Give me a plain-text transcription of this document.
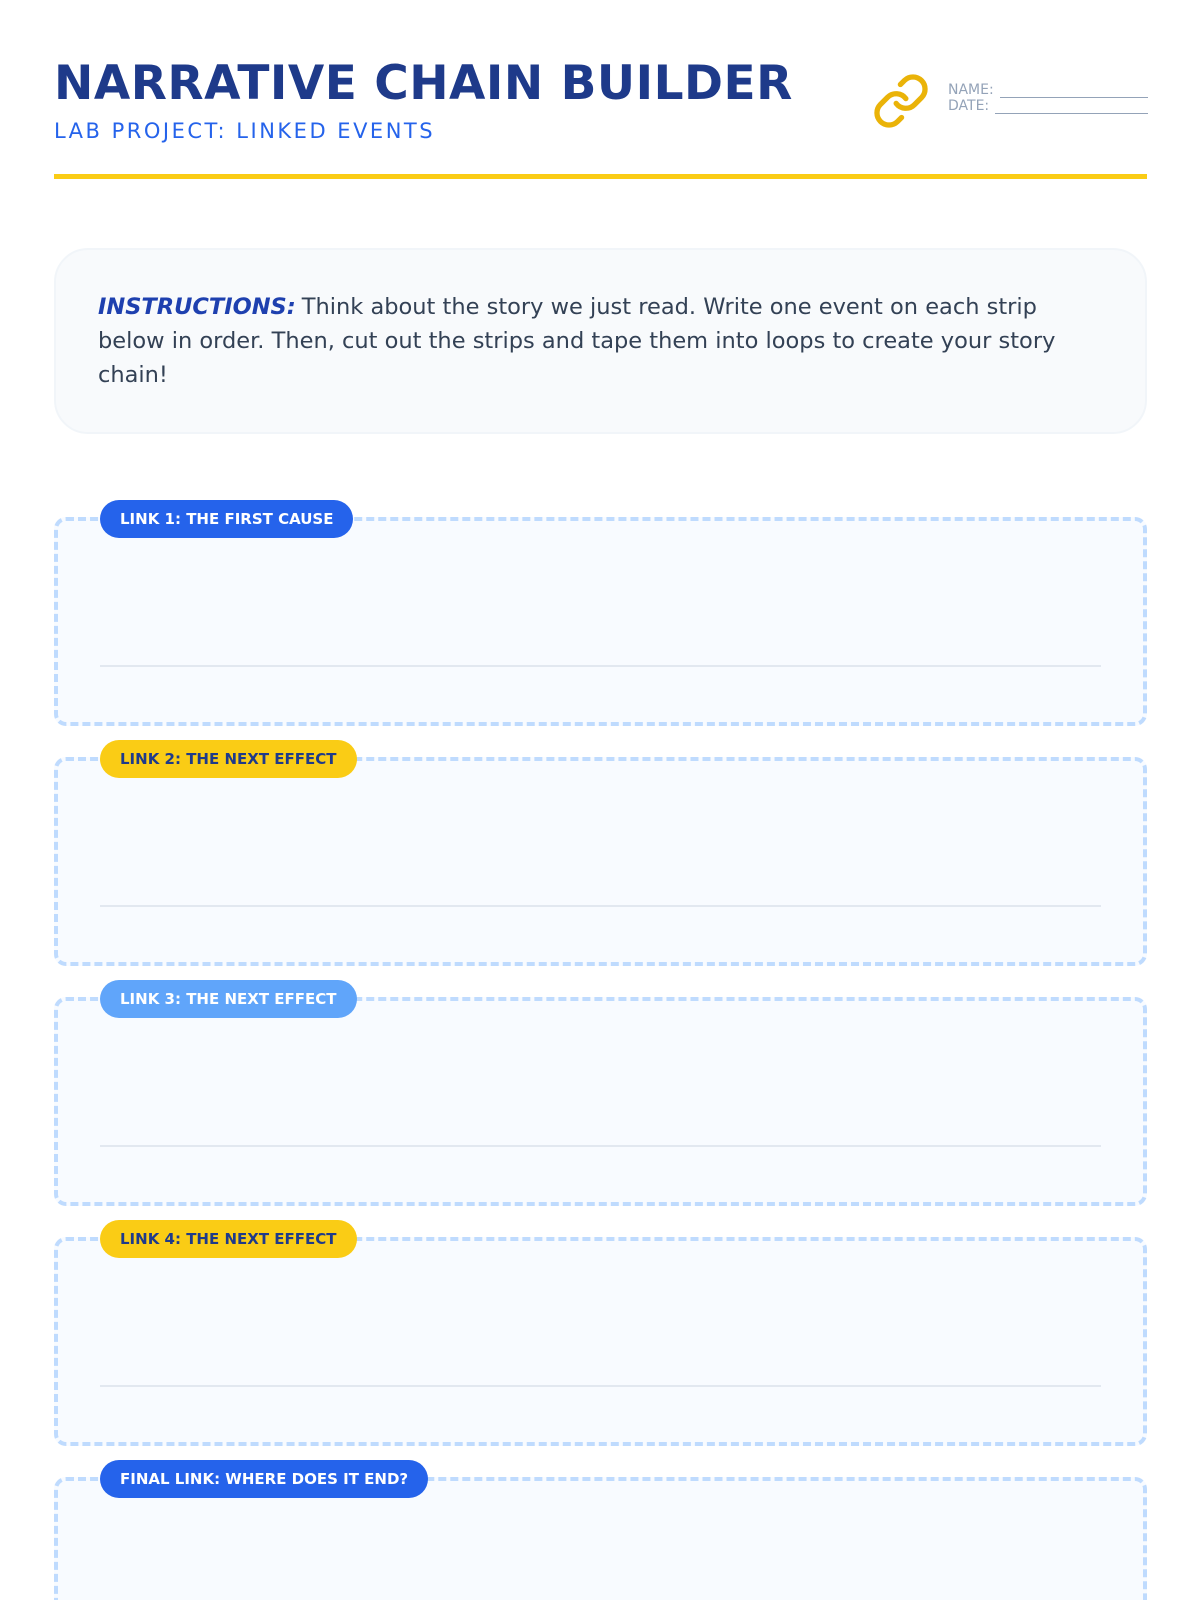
NARRATIVE CHAIN BUILDER
LAB PROJECT: LINKED EVENTS
NAME:
DATE:
INSTRUCTIONS: Think about the story we just read. Write one event on each strip below in order. Then, cut out the strips and tape them into loops to create your story chain!
LINK 1: THE FIRST CAUSE
LINK 2: THE NEXT EFFECT
LINK 3: THE NEXT EFFECT
LINK 4: THE NEXT EFFECT
FINAL LINK: WHERE DOES IT END?
